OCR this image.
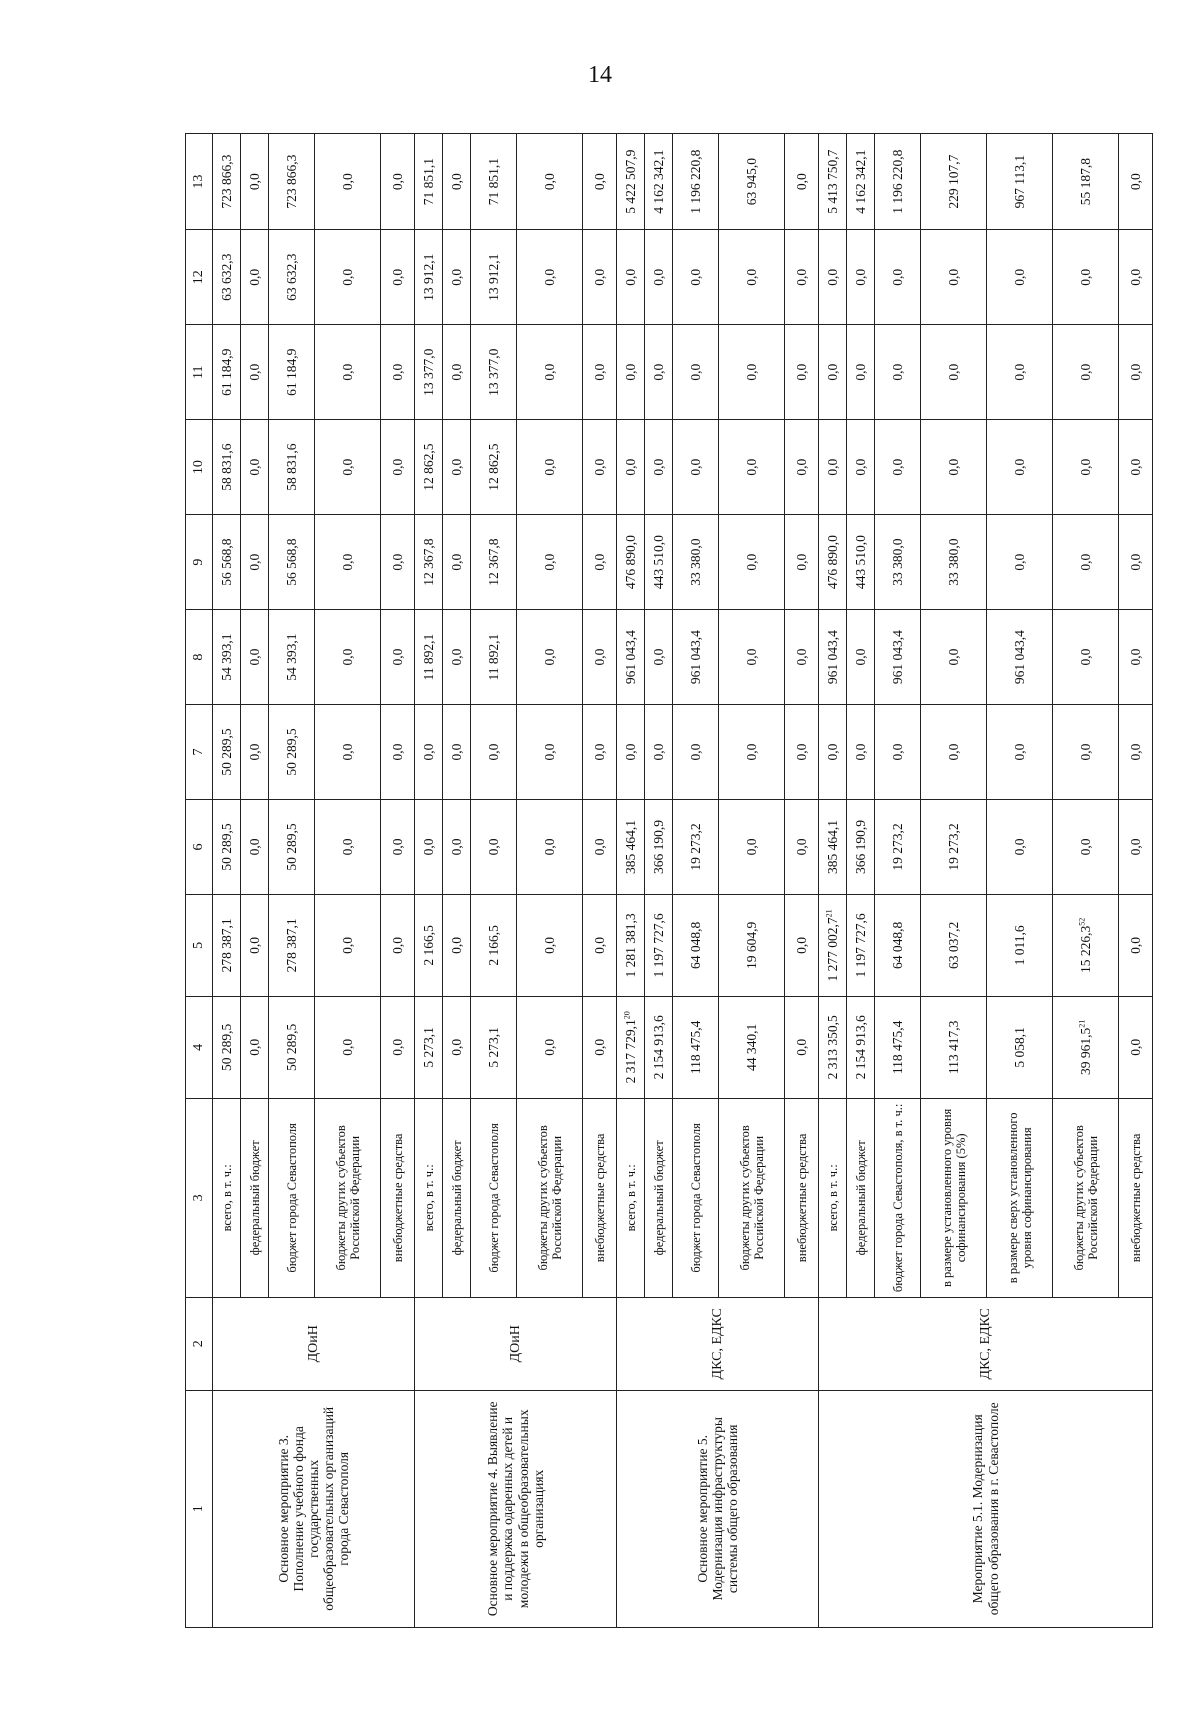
14
1	2	3	4	5	6	7	8	9	10	11	12	13
Основное мероприятие 3. Пополнение учебного фонда государственных общеобразовательных организаций города Севастополя	ДОиН	всего, в т. ч.:	50 289,5	278 387,1	50 289,5	50 289,5	54 393,1	56 568,8	58 831,6	61 184,9	63 632,3	723 866,3
		федеральный бюджет	0,0	0,0	0,0	0,0	0,0	0,0	0,0	0,0	0,0	0,0
		бюджет города Севастополя	50 289,5	278 387,1	50 289,5	50 289,5	54 393,1	56 568,8	58 831,6	61 184,9	63 632,3	723 866,3
		бюджеты других субъектов Российской Федерации	0,0	0,0	0,0	0,0	0,0	0,0	0,0	0,0	0,0	0,0
		внебюджетные средства	0,0	0,0	0,0	0,0	0,0	0,0	0,0	0,0	0,0	0,0
Основное мероприятие 4. Выявление и поддержка одаренных детей и молодежи в общеобразовательных организациях	ДОиН	всего, в т. ч.:	5 273,1	2 166,5	0,0	0,0	11 892,1	12 367,8	12 862,5	13 377,0	13 912,1	71 851,1
		федеральный бюджет	0,0	0,0	0,0	0,0	0,0	0,0	0,0	0,0	0,0	0,0
		бюджет города Севастополя	5 273,1	2 166,5	0,0	0,0	11 892,1	12 367,8	12 862,5	13 377,0	13 912,1	71 851,1
		бюджеты других субъектов Российской Федерации	0,0	0,0	0,0	0,0	0,0	0,0	0,0	0,0	0,0	0,0
		внебюджетные средства	0,0	0,0	0,0	0,0	0,0	0,0	0,0	0,0	0,0	0,0
Основное мероприятие 5. Модернизация инфраструктуры системы общего образования	ДКС, ЕДКС	всего, в т. ч.:	2 317 729,1$^{20}$	1 281 381,3	385 464,1	0,0	961 043,4	476 890,0	0,0	0,0	0,0	5 422 507,9
		федеральный бюджет	2 154 913,6	1 197 727,6	366 190,9	0,0	0,0	443 510,0	0,0	0,0	0,0	4 162 342,1
		бюджет города Севастополя	118 475,4	64 048,8	19 273,2	0,0	961 043,4	33 380,0	0,0	0,0	0,0	1 196 220,8
		бюджеты других субъектов Российской Федерации	44 340,1	19 604,9	0,0	0,0	0,0	0,0	0,0	0,0	0,0	63 945,0
		внебюджетные средства	0,0	0,0	0,0	0,0	0,0	0,0	0,0	0,0	0,0	0,0
Мероприятие 5.1. Модернизация общего образования в г. Севастополе	ДКС, ЕДКС	всего, в т. ч.:	2 313 350,5	1 277 002,7$^{21}$	385 464,1	0,0	961 043,4	476 890,0	0,0	0,0	0,0	5 413 750,7
		федеральный бюджет	2 154 913,6	1 197 727,6	366 190,9	0,0	0,0	443 510,0	0,0	0,0	0,0	4 162 342,1
		бюджет города Севастополя, в т. ч.:	118 475,4	64 048,8	19 273,2	0,0	961 043,4	33 380,0	0,0	0,0	0,0	1 196 220,8
		в размере установленного уровня софинансирования (5%)	113 417,3	63 037,2	19 273,2	0,0	0,0	33 380,0	0,0	0,0	0,0	229 107,7
		в размере сверх установленного уровня софинансирования	5 058,1	1 011,6	0,0	0,0	961 043,4	0,0	0,0	0,0	0,0	967 113,1
		бюджеты других субъектов Российской Федерации	39 961,5$^{21}$	15 226,3$^{52}$	0,0	0,0	0,0	0,0	0,0	0,0	0,0	55 187,8
		внебюджетные средства	0,0	0,0	0,0	0,0	0,0	0,0	0,0	0,0	0,0	0,0
